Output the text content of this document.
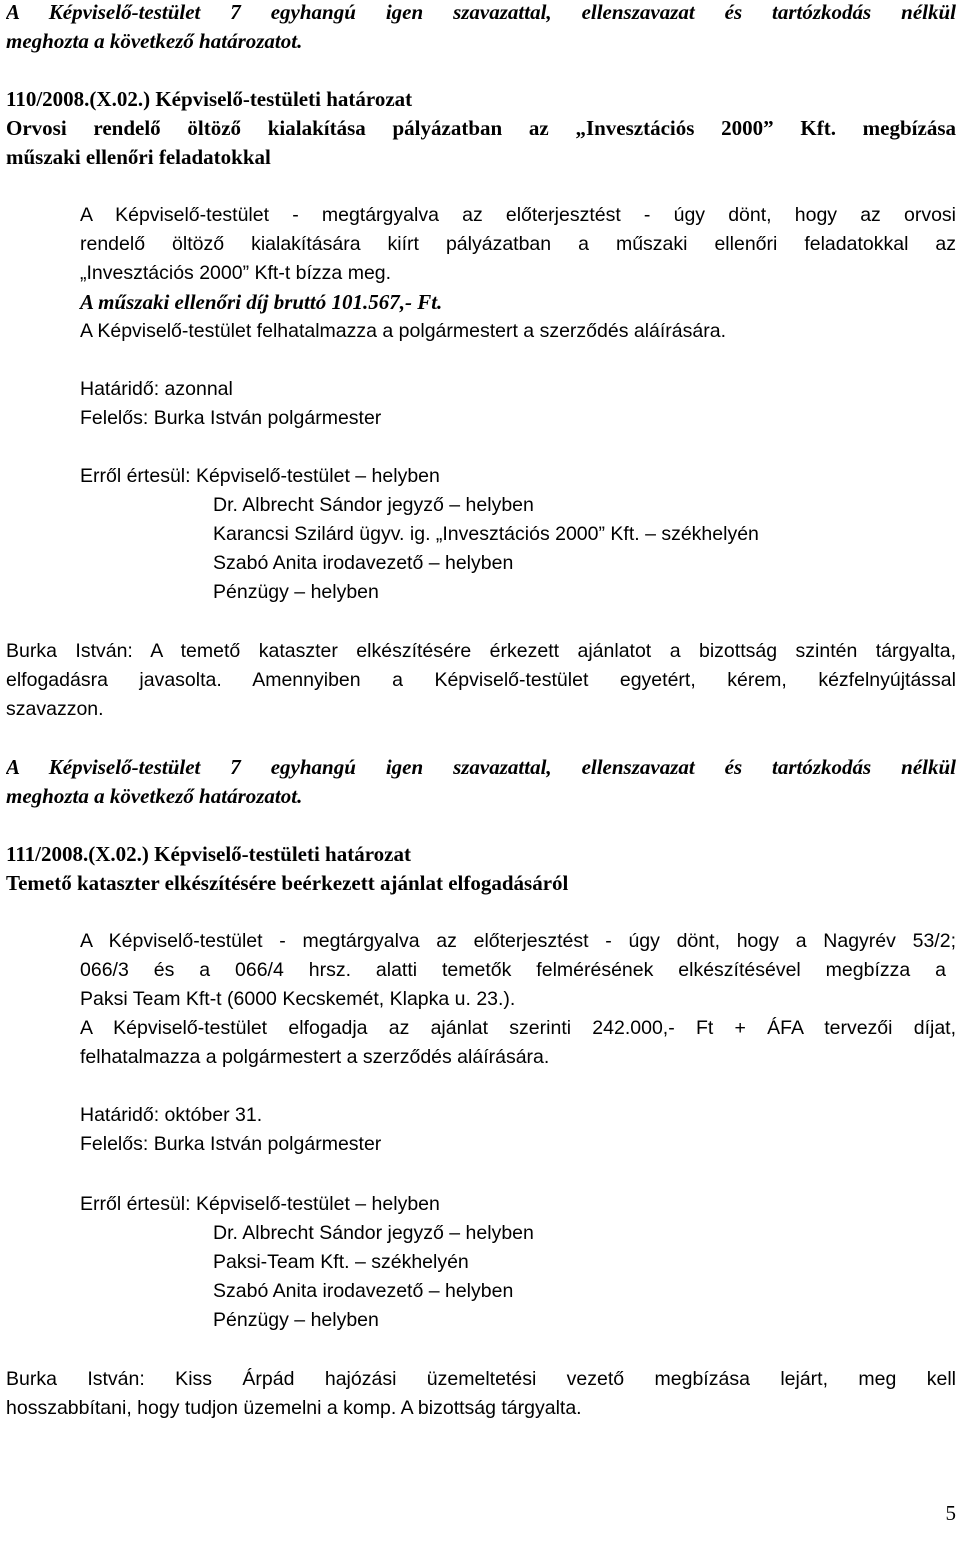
A Képviselő-testület 7 egyhangú igen szavazattal, ellenszavazat és tartózkodás nélkül
meghozta a következő határozatot.
110/2008.(X.02.) Képviselő-testületi határozat
Orvosi rendelő öltöző kialakítása pályázatban az „Invesztációs 2000” Kft. megbízása
műszaki ellenőri feladatokkal
A Képviselő-testület - megtárgyalva az előterjesztést - úgy dönt, hogy az orvosi
rendelő öltöző kialakítására kiírt pályázatban a műszaki ellenőri feladatokkal az
„Invesztációs 2000” Kft-t bízza meg.
A műszaki ellenőri díj bruttó 101.567,- Ft.
A Képviselő-testület felhatalmazza a polgármestert a szerződés aláírására.
Határidő: azonnal
Felelős: Burka István polgármester
Erről értesül: Képviselő-testület – helyben
Dr. Albrecht Sándor jegyző – helyben
Karancsi Szilárd ügyv. ig. „Invesztációs 2000” Kft. – székhelyén
Szabó Anita irodavezető – helyben
Pénzügy – helyben
Burka István: A temető kataszter elkészítésére érkezett ajánlatot a bizottság szintén tárgyalta,
elfogadásra javasolta. Amennyiben a Képviselő-testület egyetért, kérem, kézfelnyújtással
szavazzon.
A Képviselő-testület 7 egyhangú igen szavazattal, ellenszavazat és tartózkodás nélkül
meghozta a következő határozatot.
111/2008.(X.02.) Képviselő-testületi határozat
Temető kataszter elkészítésére beérkezett ajánlat elfogadásáról
A Képviselő-testület - megtárgyalva az előterjesztést - úgy dönt, hogy a Nagyrév 53/2;
066/3 és a 066/4 hrsz. alatti temetők felmérésének elkészítésével megbízza a
Paksi Team Kft-t (6000 Kecskemét, Klapka u. 23.).
A Képviselő-testület elfogadja az ajánlat szerinti 242.000,- Ft + ÁFA tervezői díjat,
felhatalmazza a polgármestert a szerződés aláírására.
Határidő: október 31.
Felelős: Burka István polgármester
Erről értesül: Képviselő-testület – helyben
Dr. Albrecht Sándor jegyző – helyben
Paksi-Team Kft. – székhelyén
Szabó Anita irodavezető – helyben
Pénzügy – helyben
Burka István: Kiss Árpád hajózási üzemeltetési vezető megbízása lejárt, meg kell
hosszabbítani, hogy tudjon üzemelni a komp. A bizottság tárgyalta.
5
